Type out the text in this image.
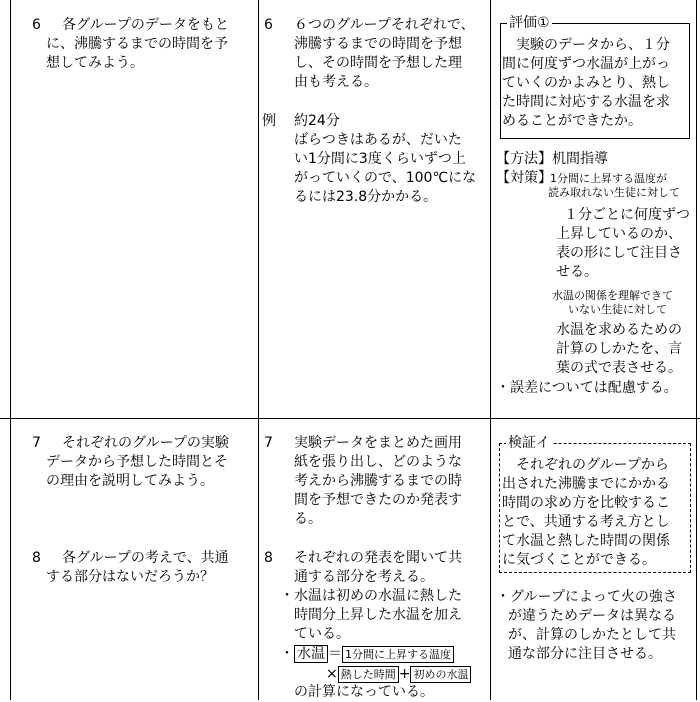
6 各グループのデータをもと
に、沸騰するまでの時間を予
想してみよう。
7 それぞれのグループの実験
データから予想した時間とそ
の理由を説明してみよう。
8 各グループの考えで、共通
する部分はないだろうか？
6 ６つのグループそれぞれで、
沸騰するまでの時間を予想
し、その時間を予想した理
由も考える。
例 約24分
ばらつきはあるが、だいた
い1分間に3度くらいずつ上
がっていくので、100℃にな
るには23.8分かかる。
7 実験データをまとめた画用
紙を張り出し、どのような
考えから沸騰するまでの時
間を予想できたのか発表す
る。
8 それぞれの発表を聞いて共
通する部分を考える。
・水温は初めの水温に熱した
時間分上昇した水温を加え
ている。
・ 水温 ＝ 1分間に上昇する温度
× 熱した時間 + 初めの水温
の計算になっている。
評価①
実験のデータから、１分
間に何度ずつ水温が上がっ
ていくのかよみとり、熱し
た時間に対応する水温を求
めることができたか。
【方法】机間指導
【対策】
1分間に上昇する温度が
読み取れない生徒に対して
１分ごとに何度ずつ
上昇しているのか、
表の形にして注目さ
せる。
水温の関係を理解できて
いない生徒に対して
水温を求めるための
計算のしかたを、言
葉の式で表させる。
・誤差については配慮する。
検証イ
それぞれのグループから
出された沸騰までにかかる
時間の求め方を比較するこ
とで、共通する考え方とし
て水温と熱した時間の関係
に気づくことができる。
・グループによって火の強さ
が違うためデータは異なる
が、計算のしかたとして共
通な部分に注目させる。
